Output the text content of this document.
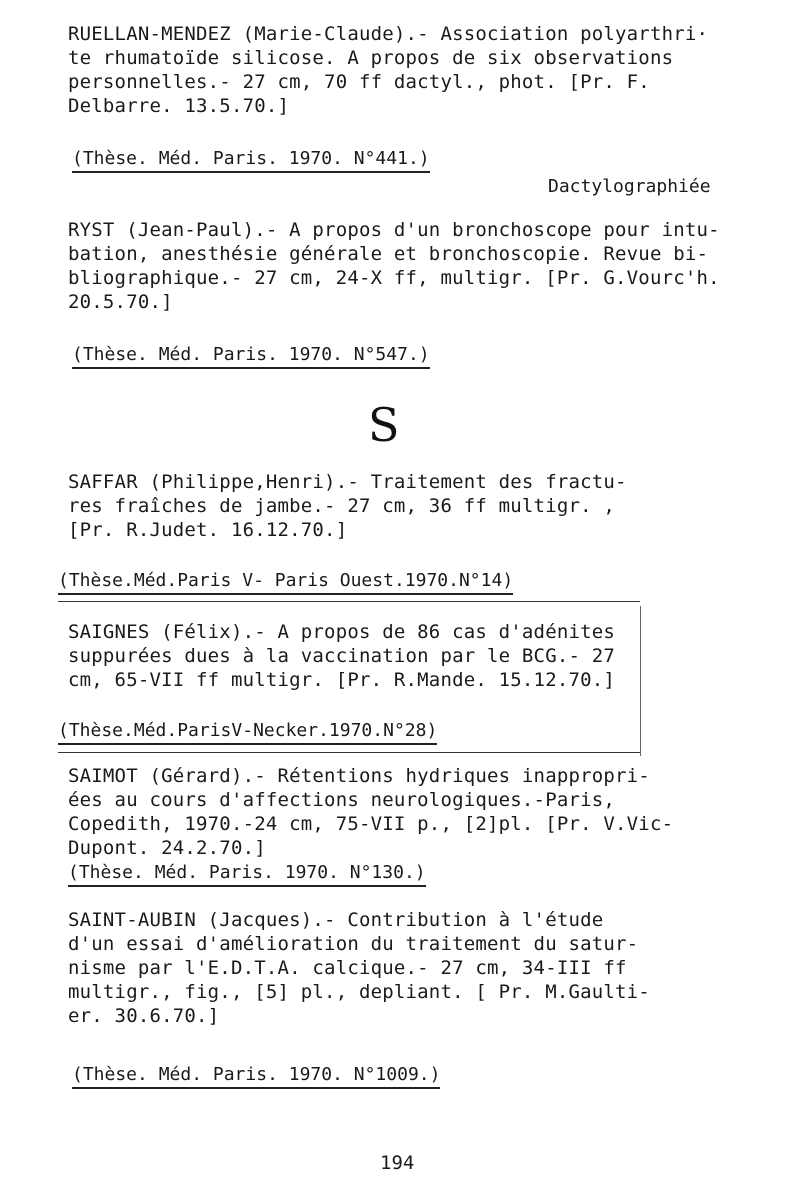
RUELLAN-MENDEZ (Marie-Claude).- Association polyarthri·
te rhumatoïde silicose. A propos de six observations
personnelles.- 27 cm, 70 ff dactyl., phot. [Pr. F.
Delbarre. 13.5.70.]
(Thèse. Méd. Paris. 1970. N°441.)
Dactylographiée
RYST (Jean-Paul).- A propos d'un bronchoscope pour intu-
bation, anesthésie générale et bronchoscopie. Revue bi-
bliographique.- 27 cm, 24-X ff, multigr. [Pr. G.Vourc'h.
20.5.70.]
(Thèse. Méd. Paris. 1970. N°547.)
S
SAFFAR (Philippe,Henri).- Traitement des fractu-
res fraîches de jambe.- 27 cm, 36 ff multigr. ,
[Pr. R.Judet. 16.12.70.]
(Thèse.Méd.Paris V- Paris Ouest.1970.N°14)
SAIGNES (Félix).- A propos de 86 cas d'adénites
suppurées dues à la vaccination par le BCG.- 27
cm, 65-VII ff multigr. [Pr. R.Mande. 15.12.70.]
(Thèse.Méd.ParisV-Necker.1970.N°28)
SAIMOT (Gérard).- Rétentions hydriques inappropri-
ées au cours d'affections neurologiques.-Paris,
Copedith, 1970.-24 cm, 75-VII p., [2]pl. [Pr. V.Vic-
Dupont. 24.2.70.]
(Thèse. Méd. Paris. 1970. N°130.)
SAINT-AUBIN (Jacques).- Contribution à l'étude
d'un essai d'amélioration du traitement du satur-
nisme par l'E.D.T.A. calcique.- 27 cm, 34-III ff
multigr., fig., [5] pl., depliant. [ Pr. M.Gaulti-
er. 30.6.70.]
(Thèse. Méd. Paris. 1970. N°1009.)
194
